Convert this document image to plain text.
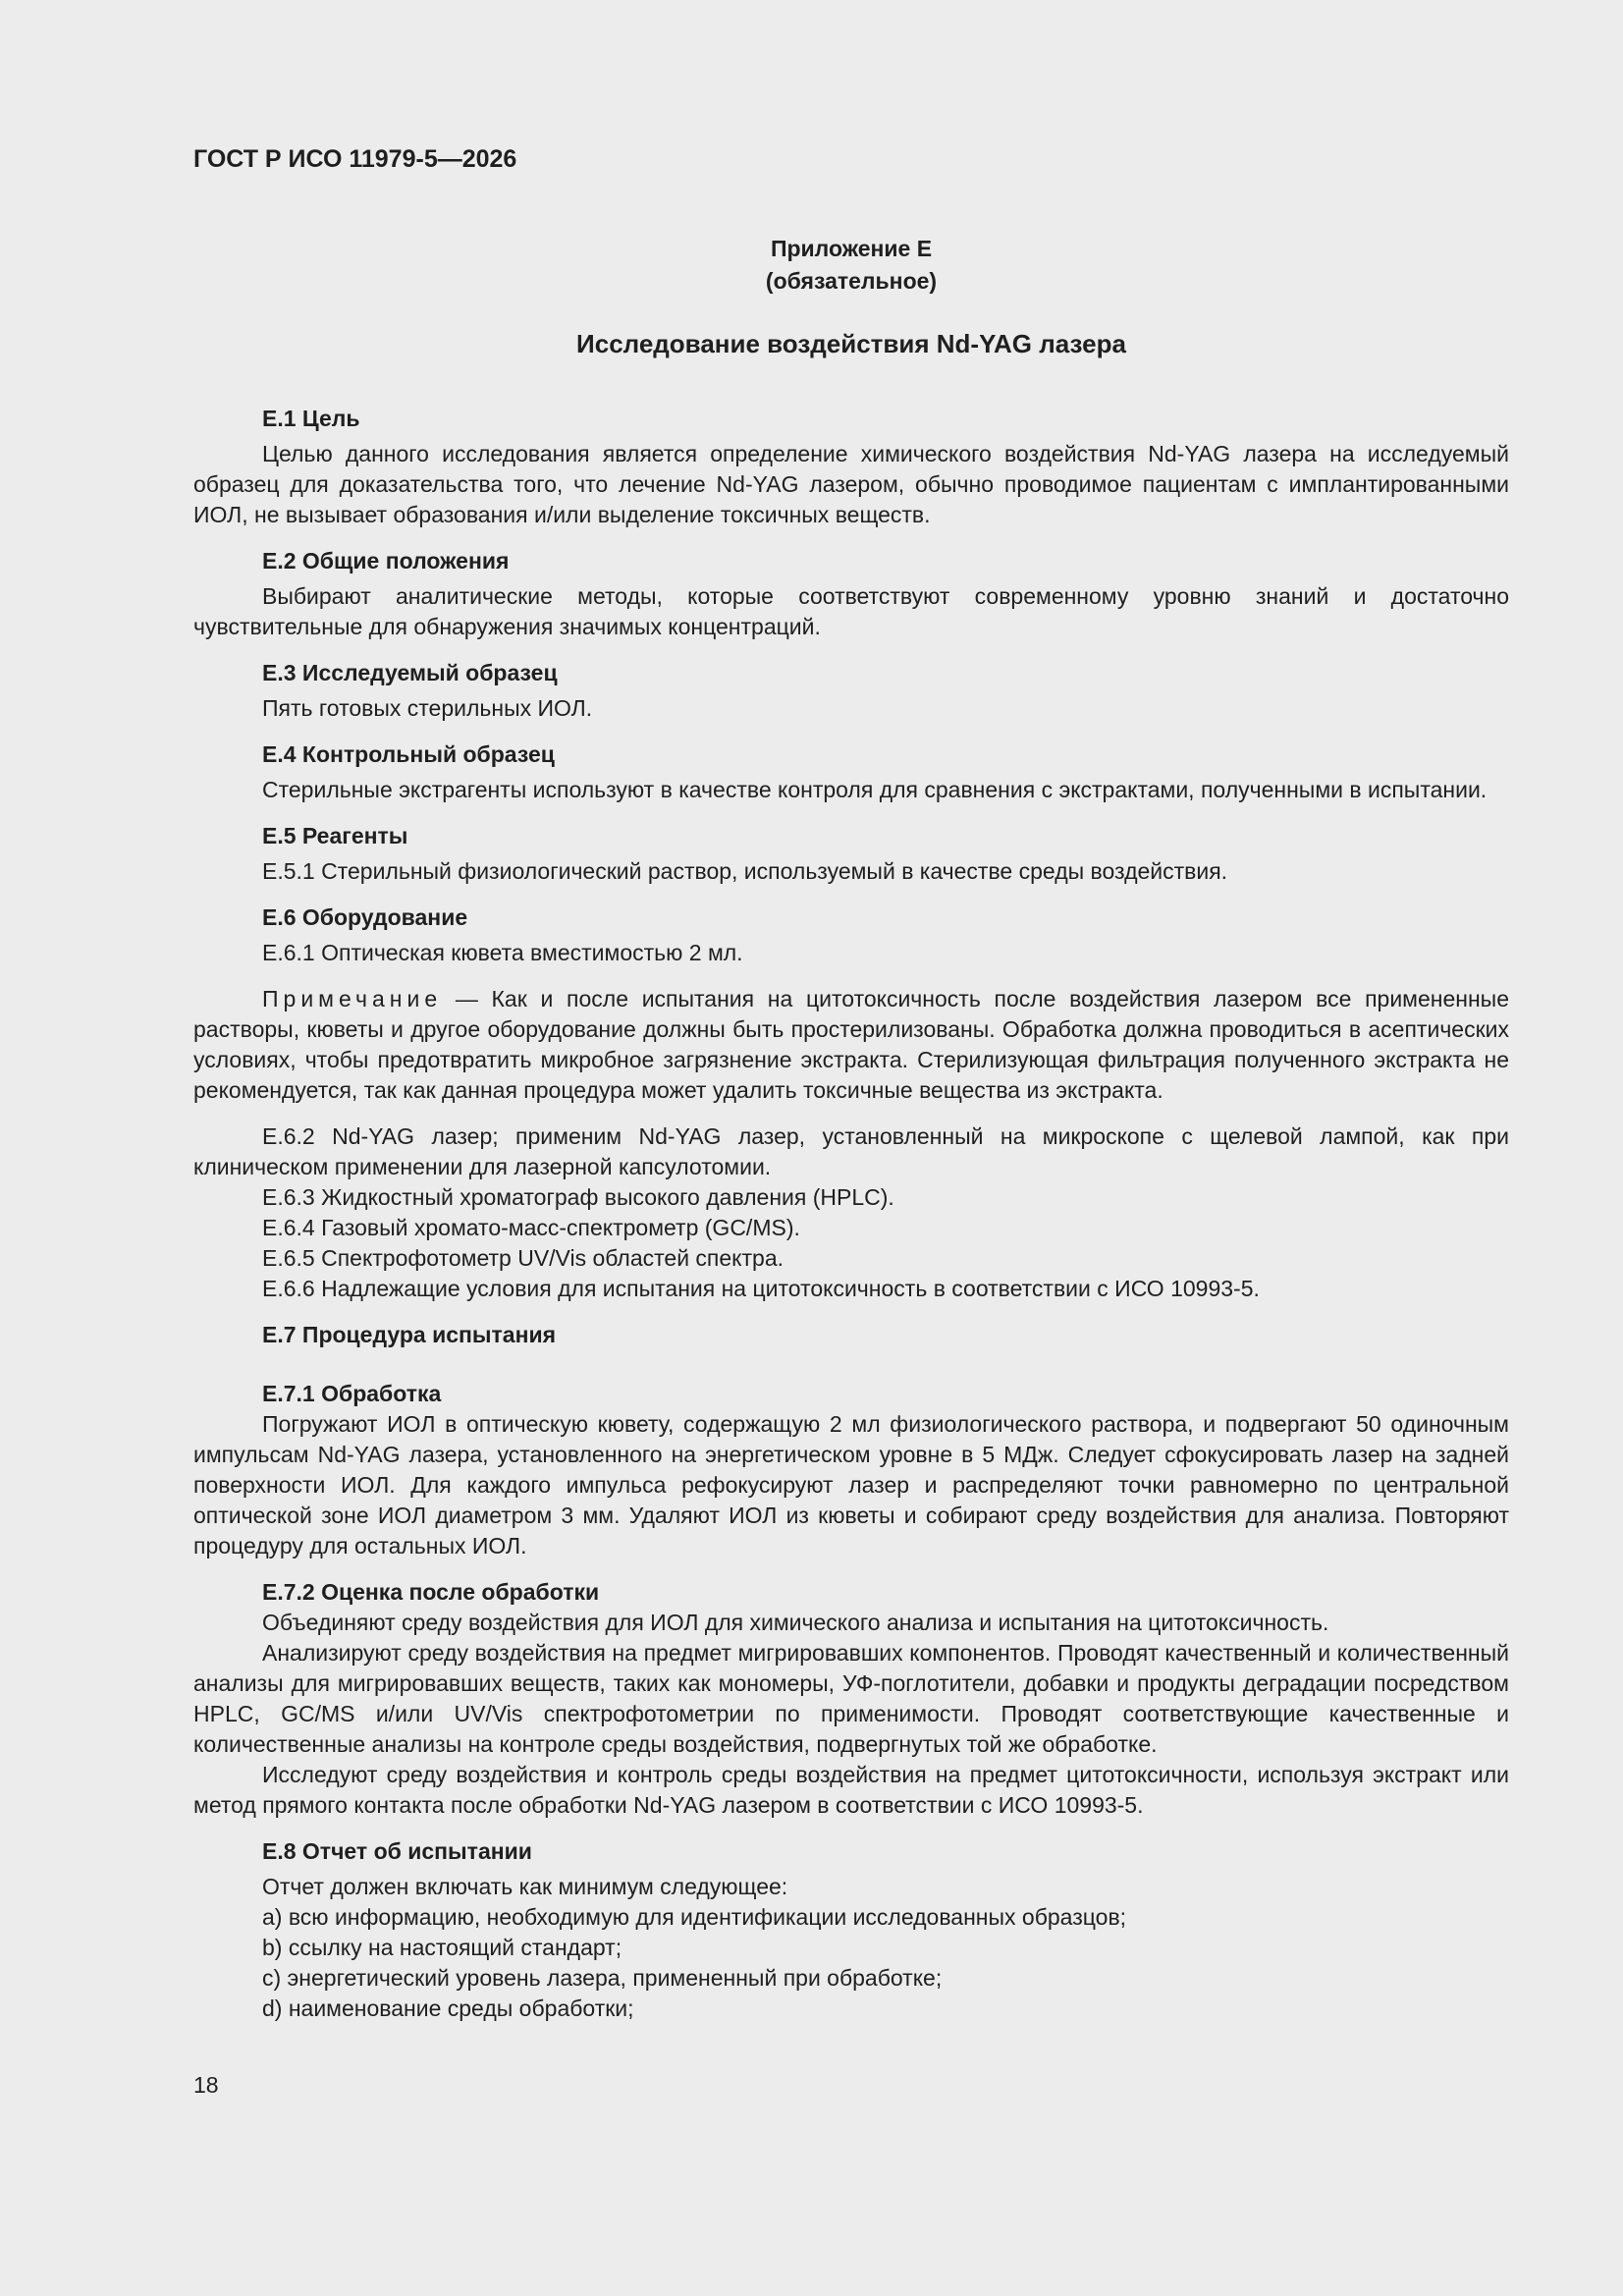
ГОСТ Р ИСО 11979-5—2026
Приложение Е
(обязательное)
Исследование воздействия Nd-YAG лазера
Е.1 Цель

Целью данного исследования является определение химического воздействия Nd-YAG лазера на исследуемый образец для доказательства того, что лечение Nd-YAG лазером, обычно проводимое пациентам с имплантированными ИОЛ, не вызывает образования и/или выделение токсичных веществ.

Е.2 Общие положения

Выбирают аналитические методы, которые соответствуют современному уровню знаний и достаточно чувствительные для обнаружения значимых концентраций.

Е.3 Исследуемый образец

Пять готовых стерильных ИОЛ.

Е.4 Контрольный образец

Стерильные экстрагенты используют в качестве контроля для сравнения с экстрактами, полученными в испытании.

Е.5 Реагенты

Е.5.1 Стерильный физиологический раствор, используемый в качестве среды воздействия.

Е.6 Оборудование

Е.6.1 Оптическая кювета вместимостью 2 мл.

Примечание — Как и после испытания на цитотоксичность после воздействия лазером все примененные растворы, кюветы и другое оборудование должны быть простерилизованы. Обработка должна проводиться в асептических условиях, чтобы предотвратить микробное загрязнение экстракта. Стерилизующая фильтрация полученного экстракта не рекомендуется, так как данная процедура может удалить токсичные вещества из экстракта.

Е.6.2 Nd-YAG лазер; применим Nd-YAG лазер, установленный на микроскопе с щелевой лампой, как при клиническом применении для лазерной капсулотомии.

Е.6.3 Жидкостный хроматограф высокого давления (HPLC).

Е.6.4 Газовый хромато-масс-спектрометр (GC/MS).

Е.6.5 Спектрофотометр UV/Vis областей спектра.

Е.6.6 Надлежащие условия для испытания на цитотоксичность в соответствии с ИСО 10993-5.

Е.7 Процедура испытания
Е.7.1 Обработка

Погружают ИОЛ в оптическую кювету, содержащую 2 мл физиологического раствора, и подвергают 50 одиночным импульсам Nd-YAG лазера, установленного на энергетическом уровне в 5 МДж. Следует сфокусировать лазер на задней поверхности ИОЛ. Для каждого импульса рефокусируют лазер и распределяют точки равномерно по центральной оптической зоне ИОЛ диаметром 3 мм. Удаляют ИОЛ из кюветы и собирают среду воздействия для анализа. Повторяют процедуру для остальных ИОЛ.

Е.7.2 Оценка после обработки

Объединяют среду воздействия для ИОЛ для химического анализа и испытания на цитотоксичность.

Анализируют среду воздействия на предмет мигрировавших компонентов. Проводят качественный и количественный анализы для мигрировавших веществ, таких как мономеры, УФ-поглотители, добавки и продукты деградации посредством HPLC, GC/MS и/или UV/Vis спектрофотометрии по применимости. Проводят соответствующие качественные и количественные анализы на контроле среды воздействия, подвергнутых той же обработке.

Исследуют среду воздействия и контроль среды воздействия на предмет цитотоксичности, используя экстракт или метод прямого контакта после обработки Nd-YAG лазером в соответствии с ИСО 10993-5.

Е.8 Отчет об испытании

Отчет должен включать как минимум следующее:

a) всю информацию, необходимую для идентификации исследованных образцов;

b) ссылку на настоящий стандарт;

c) энергетический уровень лазера, примененный при обработке;

d) наименование среды обработки;

18
